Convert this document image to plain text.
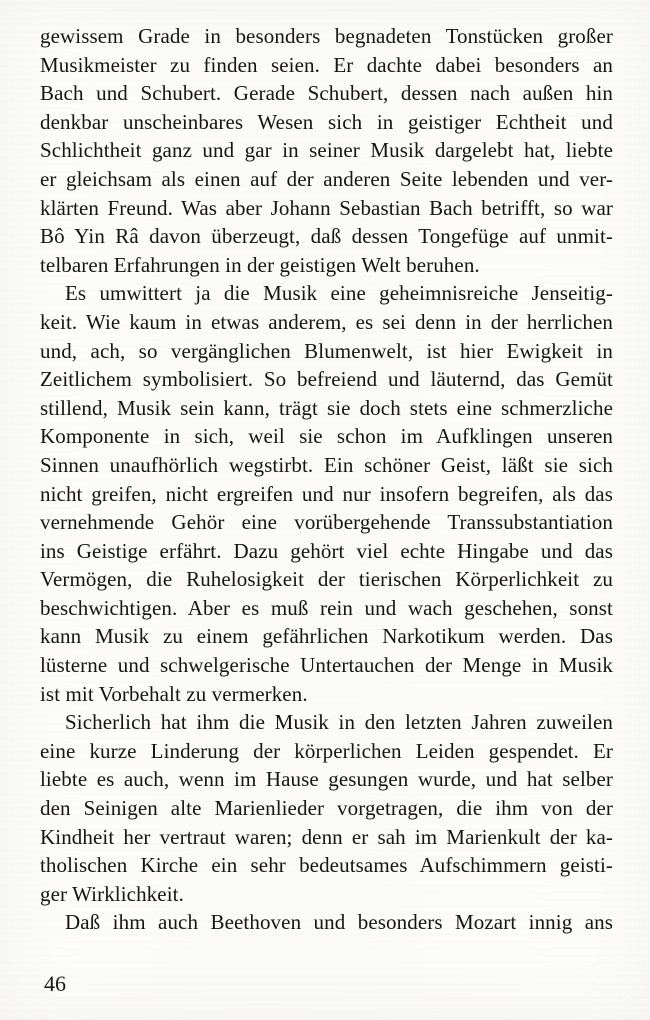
gewissem Grade in besonders begnadeten Tonstücken großer
Musikmeister zu finden seien. Er dachte dabei besonders an
Bach und Schubert. Gerade Schubert, dessen nach außen hin
denkbar unscheinbares Wesen sich in geistiger Echtheit und
Schlichtheit ganz und gar in seiner Musik dargelebt hat, liebte
er gleichsam als einen auf der anderen Seite lebenden und ver-
klärten Freund. Was aber Johann Sebastian Bach betrifft, so war
Bô Yin Râ davon überzeugt, daß dessen Tongefüge auf unmit-
telbaren Erfahrungen in der geistigen Welt beruhen.
Es umwittert ja die Musik eine geheimnisreiche Jenseitig-
keit. Wie kaum in etwas anderem, es sei denn in der herrlichen
und, ach, so vergänglichen Blumenwelt, ist hier Ewigkeit in
Zeitlichem symbolisiert. So befreiend und läuternd, das Gemüt
stillend, Musik sein kann, trägt sie doch stets eine schmerzliche
Komponente in sich, weil sie schon im Aufklingen unseren
Sinnen unaufhörlich wegstirbt. Ein schöner Geist, läßt sie sich
nicht greifen, nicht ergreifen und nur insofern begreifen, als das
vernehmende Gehör eine vorübergehende Transsubstantiation
ins Geistige erfährt. Dazu gehört viel echte Hingabe und das
Vermögen, die Ruhelosigkeit der tierischen Körperlichkeit zu
beschwichtigen. Aber es muß rein und wach geschehen, sonst
kann Musik zu einem gefährlichen Narkotikum werden. Das
lüsterne und schwelgerische Untertauchen der Menge in Musik
ist mit Vorbehalt zu vermerken.
Sicherlich hat ihm die Musik in den letzten Jahren zuweilen
eine kurze Linderung der körperlichen Leiden gespendet. Er
liebte es auch, wenn im Hause gesungen wurde, und hat selber
den Seinigen alte Marienlieder vorgetragen, die ihm von der
Kindheit her vertraut waren; denn er sah im Marienkult der ka-
tholischen Kirche ein sehr bedeutsames Aufschimmern geisti-
ger Wirklichkeit.
Daß ihm auch Beethoven und besonders Mozart innig ans
46
